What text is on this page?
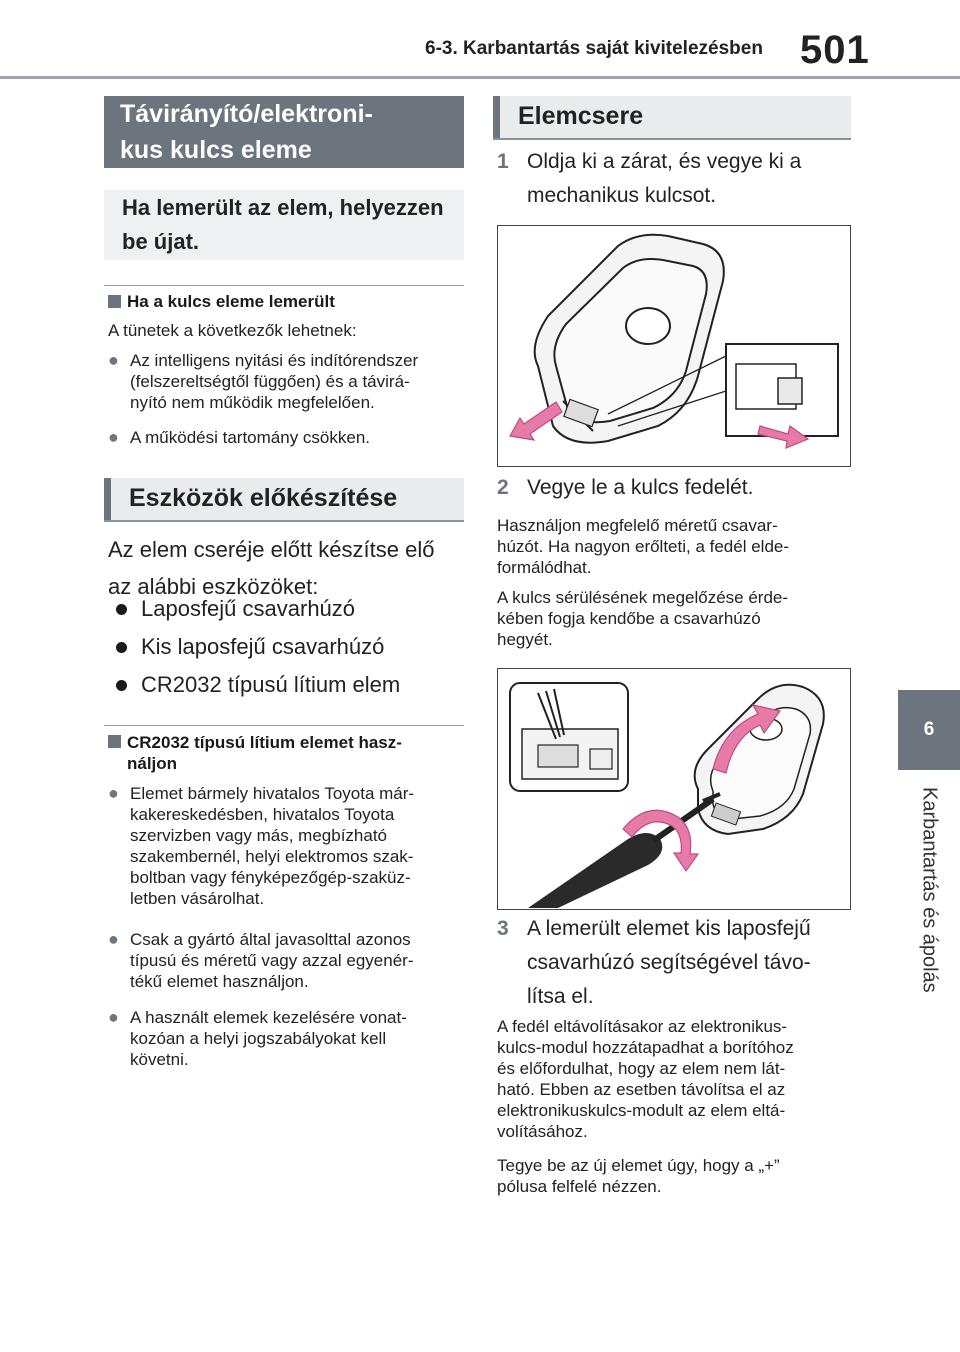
6-3. Karbantartás saját kivitelezésben 501
6
Karbantartás és ápolás
Távirányító/elektroni-
kus kulcs eleme
Ha lemerült az elem, helyezzen
be újat.
Ha a kulcs eleme lemerült
A tünetek a következők lehetnek:
● Az intelligens nyitási és indítórendszer
(felszereltségtől függően) és a távirá-
nyító nem működik megfelelően.
● A működési tartomány csökken.
Eszközök előkészítése
Az elem cseréje előtt készítse elő
az alábbi eszközöket:
Laposfejű csavarhúzó
Kis laposfejű csavarhúzó
CR2032 típusú lítium elem
CR2032 típusú lítium elemet hasz-
náljon
● Elemet bármely hivatalos Toyota már-
kakereskedésben, hivatalos Toyota
szervizben vagy más, megbízható
szakembernél, helyi elektromos szak-
boltban vagy fényképezőgép-szaküz-
letben vásárolhat.
● Csak a gyártó által javasolttal azonos
típusú és méretű vagy azzal egyenér-
tékű elemet használjon.
● A használt elemek kezelésére vonat-
kozóan a helyi jogszabályokat kell
követni.
Elemcsere
1 Oldja ki a zárat, és vegye ki a
mechanikus kulcsot.
2 Vegye le a kulcs fedelét.
Használjon megfelelő méretű csavar-
húzót. Ha nagyon erőlteti, a fedél elde-
formálódhat.
A kulcs sérülésének megelőzése érde-
kében fogja kendőbe a csavarhúzó
hegyét.
3 A lemerült elemet kis laposfejű
csavarhúzó segítségével távo-
lítsa el.
A fedél eltávolításakor az elektronikus-
kulcs-modul hozzátapadhat a borítóhoz
és előfordulhat, hogy az elem nem lát-
ható. Ebben az esetben távolítsa el az
elektronikuskulcs-modult az elem eltá-
volításához.
Tegye be az új elemet úgy, hogy a „+”
pólusa felfelé nézzen.
